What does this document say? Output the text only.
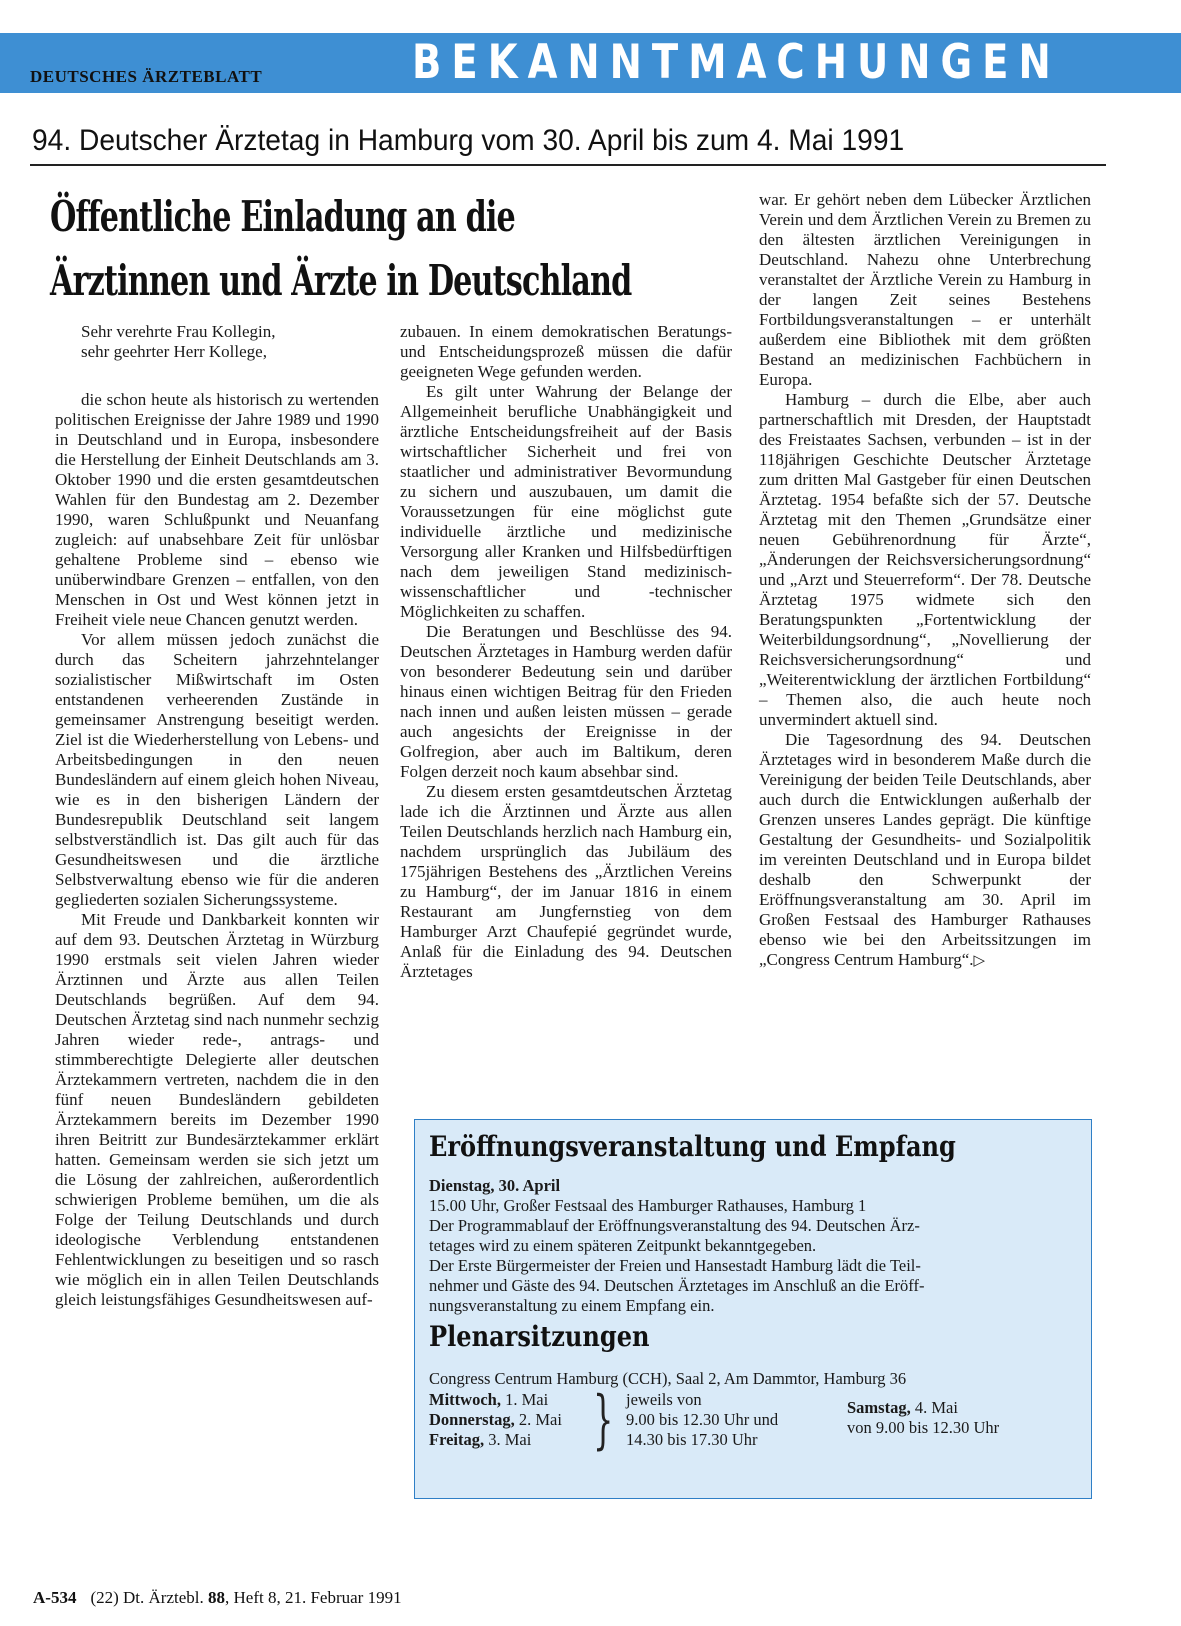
DEUTSCHES ÄRZTEBLATT	BEKANNTMACHUNGEN
94. Deutscher Ärztetag in Hamburg vom 30. April bis zum 4. Mai 1991
Öffentliche Einladung an die
Ärztinnen und Ärzte in Deutschland

Sehr verehrte Frau Kollegin,

sehr geehrter Herr Kollege,

die schon heute als historisch zu wertenden politischen Ereignisse der Jahre 1989 und 1990 in Deutschland und in Europa, insbesondere die Herstellung der Einheit Deutschlands am 3. Oktober 1990 und die ersten gesamtdeutschen Wahlen für den Bundestag am 2. Dezember 1990, waren Schlußpunkt und Neuanfang zugleich: auf unabsehbare Zeit für unlösbar gehaltene Probleme sind – ebenso wie unüberwindbare Grenzen – entfallen, von den Menschen in Ost und West können jetzt in Freiheit viele neue Chancen genutzt werden.

Vor allem müssen jedoch zunächst die durch das Scheitern jahrzehntelanger sozialistischer Mißwirtschaft im Osten entstandenen verheerenden Zustände in gemeinsamer Anstrengung beseitigt werden. Ziel ist die Wiederherstellung von Lebens- und Arbeitsbedingungen in den neuen Bundesländern auf einem gleich hohen Niveau, wie es in den bisherigen Ländern der Bundesrepublik Deutschland seit langem selbstverständlich ist. Das gilt auch für das Gesundheitswesen und die ärztliche Selbstverwaltung ebenso wie für die anderen gegliederten sozialen Sicherungssysteme.

Mit Freude und Dankbarkeit konnten wir auf dem 93. Deutschen Ärztetag in Würzburg 1990 erstmals seit vielen Jahren wieder Ärztinnen und Ärzte aus allen Teilen Deutschlands begrüßen. Auf dem 94. Deutschen Ärztetag sind nach nunmehr sechzig Jahren wieder rede-, antrags- und stimmberechtigte Delegierte aller deutschen Ärztekammern vertreten, nachdem die in den fünf neuen Bundesländern gebildeten Ärztekammern bereits im Dezember 1990 ihren Beitritt zur Bundesärztekammer erklärt hatten. Gemeinsam werden sie sich jetzt um die Lösung der zahlreichen, außerordentlich schwierigen Probleme bemühen, um die als Folge der Teilung Deutschlands und durch ideologische Verblendung entstandenen Fehlentwicklungen zu beseitigen und so rasch wie möglich ein in allen Teilen Deutschlands gleich leistungsfähiges Gesundheitswesen auf-

zubauen. In einem demokratischen Beratungs- und Entscheidungsprozeß müssen die dafür geeigneten Wege gefunden werden.

Es gilt unter Wahrung der Belange der Allgemeinheit berufliche Unabhängigkeit und ärztliche Entscheidungsfreiheit auf der Basis wirtschaftlicher Sicherheit und frei von staatlicher und administrativer Bevormundung zu sichern und auszubauen, um damit die Voraussetzungen für eine möglichst gute individuelle ärztliche und medizinische Versorgung aller Kranken und Hilfsbedürftigen nach dem jeweiligen Stand medizinisch-wissenschaftlicher und -technischer Möglichkeiten zu schaffen.

Die Beratungen und Beschlüsse des 94. Deutschen Ärztetages in Hamburg werden dafür von besonderer Bedeutung sein und darüber hinaus einen wichtigen Beitrag für den Frieden nach innen und außen leisten müssen – gerade auch angesichts der Ereignisse in der Golfregion, aber auch im Baltikum, deren Folgen derzeit noch kaum absehbar sind.

Zu diesem ersten gesamtdeutschen Ärztetag lade ich die Ärztinnen und Ärzte aus allen Teilen Deutschlands herzlich nach Hamburg ein, nachdem ursprünglich das Jubiläum des 175jährigen Bestehens des „Ärztlichen Vereins zu Hamburg“, der im Januar 1816 in einem Restaurant am Jungfernstieg von dem Hamburger Arzt Chaufepié gegründet wurde, Anlaß für die Einladung des 94. Deutschen Ärztetages

war. Er gehört neben dem Lübecker Ärztlichen Verein und dem Ärztlichen Verein zu Bremen zu den ältesten ärztlichen Vereinigungen in Deutschland. Nahezu ohne Unterbrechung veranstaltet der Ärztliche Verein zu Hamburg in der langen Zeit seines Bestehens Fortbildungsveranstaltungen – er unterhält außerdem eine Bibliothek mit dem größten Bestand an medizinischen Fachbüchern in Europa.

Hamburg – durch die Elbe, aber auch partnerschaftlich mit Dresden, der Hauptstadt des Freistaates Sachsen, verbunden – ist in der 118jährigen Geschichte Deutscher Ärztetage zum dritten Mal Gastgeber für einen Deutschen Ärztetag. 1954 befaßte sich der 57. Deutsche Ärztetag mit den Themen „Grundsätze einer neuen Gebührenordnung für Ärzte“, „Änderungen der Reichsversicherungsordnung“ und „Arzt und Steuerreform“. Der 78. Deutsche Ärztetag 1975 widmete sich den Beratungspunkten „Fortentwicklung der Weiterbildungsordnung“, „Novellierung der Reichsversicherungsordnung“ und „Weiterentwicklung der ärztlichen Fortbildung“ – Themen also, die auch heute noch unvermindert aktuell sind.

Die Tagesordnung des 94. Deutschen Ärztetages wird in besonderem Maße durch die Vereinigung der beiden Teile Deutschlands, aber auch durch die Entwicklungen außerhalb der Grenzen unseres Landes geprägt. Die künftige Gestaltung der Gesundheits- und Sozialpolitik im vereinten Deutschland und in Europa bildet deshalb den Schwerpunkt der Eröffnungsveranstaltung am 30. April im Großen Festsaal des Hamburger Rathauses ebenso wie bei den Arbeitssitzungen im „Congress Centrum Hamburg“.▷

Eröffnungsveranstaltung und Empfang
Dienstag, 30. April
15.00 Uhr, Großer Festsaal des Hamburger Rathauses, Hamburg 1
Der Programmablauf der Eröffnungsveranstaltung des 94. Deutschen Ärz-
tetages wird zu einem späteren Zeitpunkt bekanntgegeben.
Der Erste Bürgermeister der Freien und Hansestadt Hamburg lädt die Teil-
nehmer und Gäste des 94. Deutschen Ärztetages im Anschluß an die Eröff-
nungsveranstaltung zu einem Empfang ein.
Plenarsitzungen
Congress Centrum Hamburg (CCH), Saal 2, Am Dammtor, Hamburg 36
Mittwoch, 1. Mai
Donnerstag, 2. Mai
Freitag, 3. Mai } jeweils von
9.00 bis 12.30 Uhr und
14.30 bis 17.30 Uhr
Samstag, 4. Mai
von 9.00 bis 12.30 Uhr
A-534 (22) Dt. Ärztebl. 88, Heft 8, 21. Februar 1991
